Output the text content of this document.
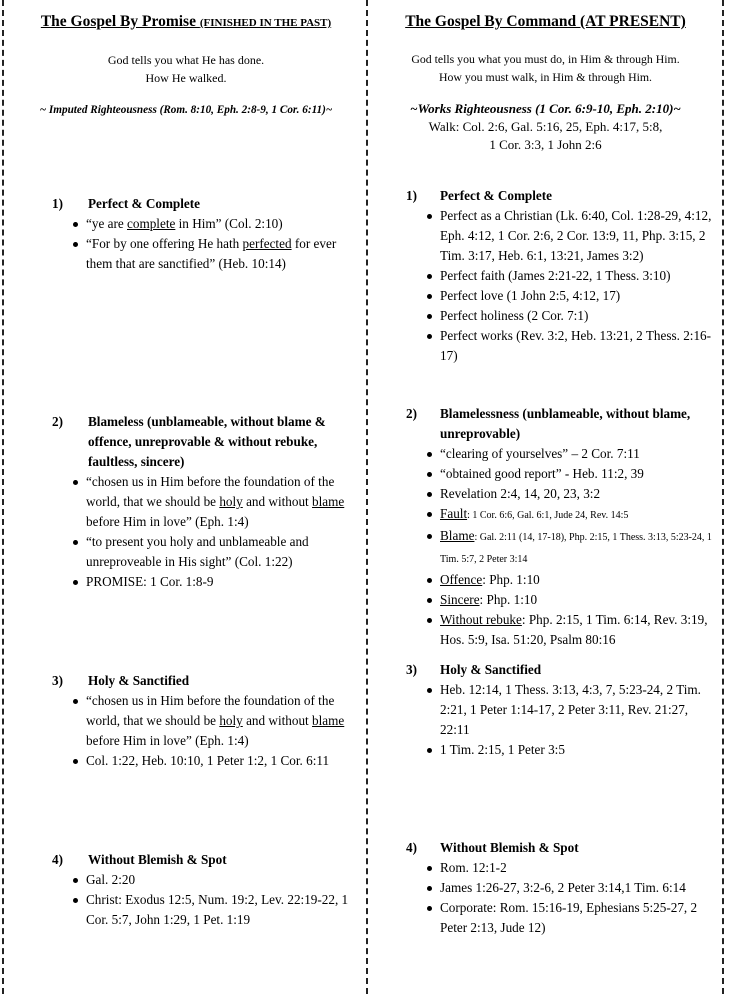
The Gospel By Promise (FINISHED IN THE PAST)

God tells you what He has done.

How He walked.

~ Imputed Righteousness (Rom. 8:10, Eph. 2:8-9, 1 Cor. 6:11)~

1)	Perfect & Complete
“ye are complete in Him” (Col. 2:10)
“For by one offering He hath perfected for ever them that are sanctified” (Heb. 10:14)
2)	Blameless (unblameable, without blame & offence, unreprovable & without rebuke, faultless, sincere)
“chosen us in Him before the foundation of the world, that we should be holy and without blame before Him in love” (Eph. 1:4)
“to present you holy and unblameable and unreproveable in His sight” (Col. 1:22)
PROMISE: 1 Cor. 1:8-9
3)	Holy & Sanctified
“chosen us in Him before the foundation of the world, that we should be holy and without blame before Him in love” (Eph. 1:4)
Col. 1:22, Heb. 10:10, 1 Peter 1:2, 1 Cor. 6:11
4)	Without Blemish & Spot
Gal. 2:20
Christ: Exodus 12:5, Num. 19:2, Lev. 22:19-22, 1 Cor. 5:7, John 1:29, 1 Pet. 1:19
The Gospel By Command (AT PRESENT)

God tells you what you must do, in Him & through Him.

How you must walk, in Him & through Him.

~Works Righteousness (1 Cor. 6:9-10, Eph. 2:10)~

Walk: Col. 2:6, Gal. 5:16, 25, Eph. 4:17, 5:8,

1 Cor. 3:3, 1 John 2:6

1)	Perfect & Complete
Perfect as a Christian (Lk. 6:40, Col. 1:28-29, 4:12, Eph. 4:12, 1 Cor. 2:6, 2 Cor. 13:9, 11, Php. 3:15, 2 Tim. 3:17, Heb. 6:1, 13:21, James 3:2)
Perfect faith (James 2:21-22, 1 Thess. 3:10)
Perfect love (1 John 2:5, 4:12, 17)
Perfect holiness (2 Cor. 7:1)
Perfect works (Rev. 3:2, Heb. 13:21, 2 Thess. 2:16-17)
2)	Blamelessness (unblameable, without blame, unreprovable)
“clearing of yourselves” – 2 Cor. 7:11
“obtained good report” - Heb. 11:2, 39
Revelation 2:4, 14, 20, 23, 3:2
Fault: 1 Cor. 6:6, Gal. 6:1, Jude 24, Rev. 14:5
Blame: Gal. 2:11 (14, 17-18), Php. 2:15, 1 Thess. 3:13, 5:23-24, 1 Tim. 5:7, 2 Peter 3:14
Offence: Php. 1:10
Sincere: Php. 1:10
Without rebuke: Php. 2:15, 1 Tim. 6:14, Rev. 3:19, Hos. 5:9, Isa. 51:20, Psalm 80:16
3)	Holy & Sanctified
Heb. 12:14, 1 Thess. 3:13, 4:3, 7, 5:23-24, 2 Tim. 2:21, 1 Peter 1:14-17, 2 Peter 3:11, Rev. 21:27, 22:11
1 Tim. 2:15, 1 Peter 3:5
4)	Without Blemish & Spot
Rom. 12:1-2
James 1:26-27, 3:2-6, 2 Peter 3:14,1 Tim. 6:14
Corporate: Rom. 15:16-19, Ephesians 5:25-27, 2 Peter 2:13, Jude 12)
